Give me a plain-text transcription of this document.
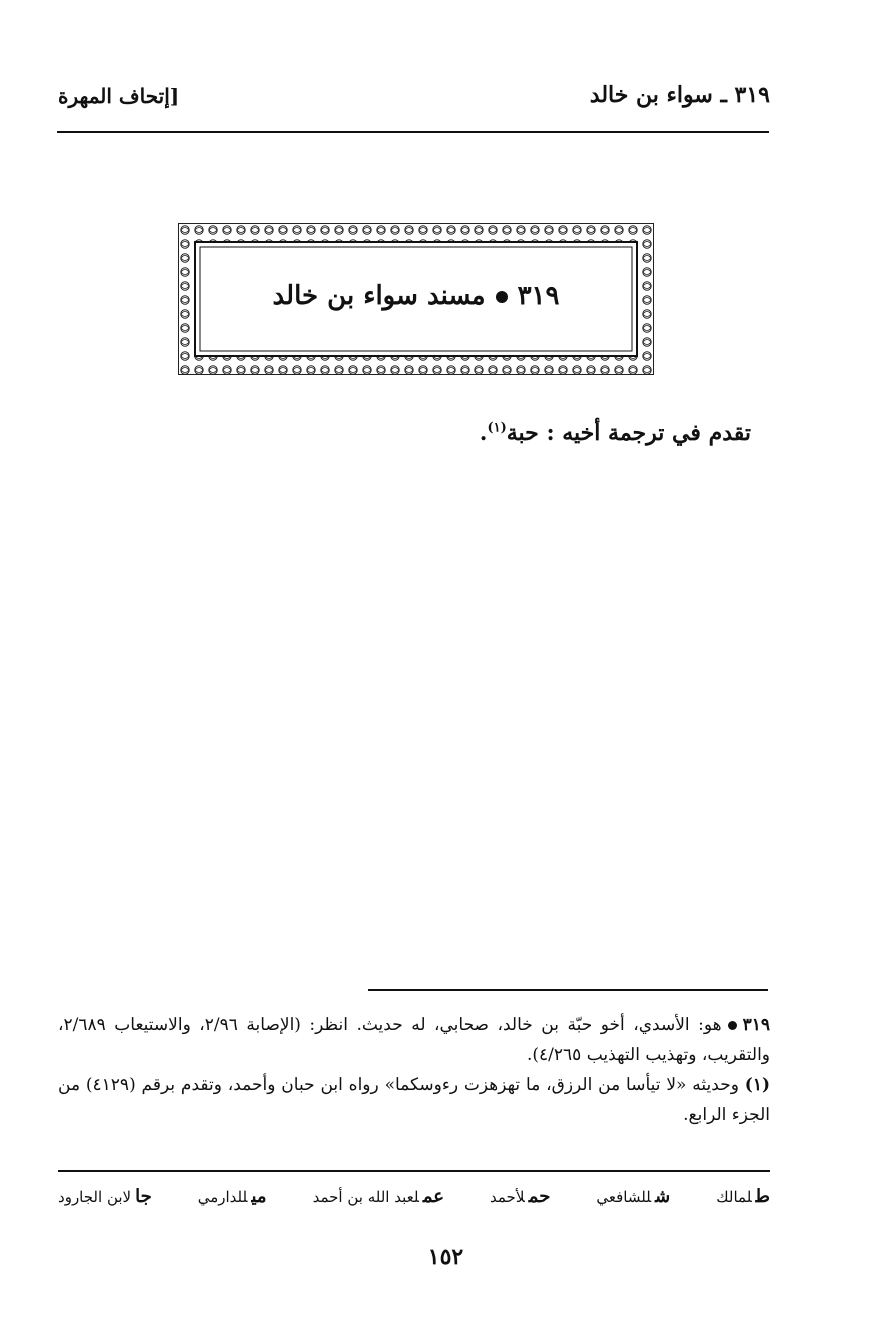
٣١٩ ـ سواء بن خالد
[إتحاف المهرة
٣١٩مسند سواء بن خالد
تقدم في ترجمة أخيه : حبة$^{(١)}$.

٣١٩هو: الأسدي، أخو حبّة بن خالد، صحابي، له حديث. انظر: (الإصابة ٢/٩٦، والاستيعاب ٢/٦٨٩، والتقريب، وتهذيب التهذيب ٤/٢٦٥).

(١) وحديثه «لا تيأسا من الرزق، ما تهزهزت رءوسكما» رواه ابن حبان وأحمد، وتقدم برقم (٤١٢٩) من الجزء الرابع.

طلمالك
شللشافعي
حملأحمد
عملعبد الله بن أحمد
ميللدارمي
جالابن الجارود
١٥٢
